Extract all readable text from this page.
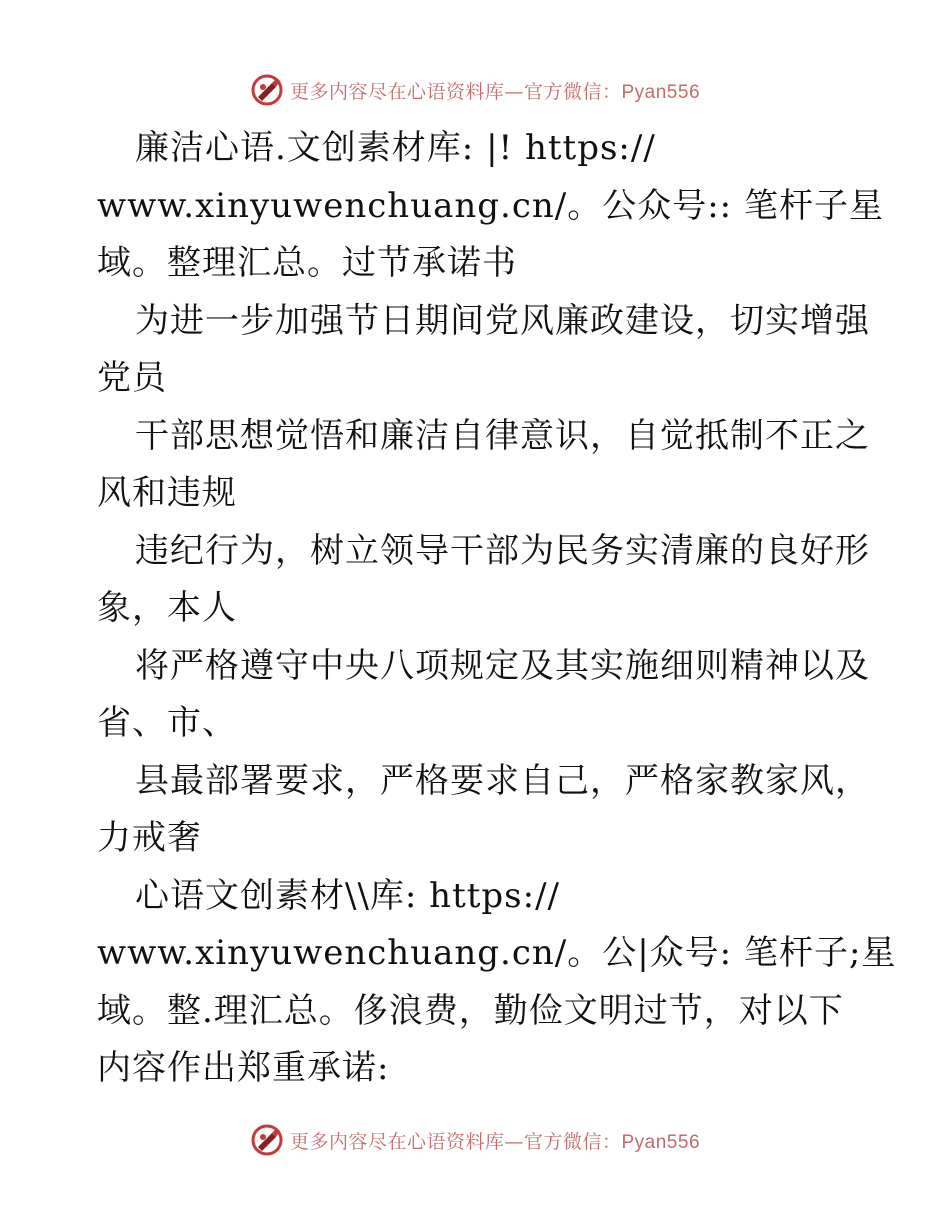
更多内容尽在心语资料库—官方微信：Pyan556
廉洁心语.文创素材库: |! https://
www.xinyuwenchuang.cn/。公众号:: 笔杆子星
域。整理汇总。过节承诺书
为进一步加强节日期间党风廉政建设，切实增强
党员
干部思想觉悟和廉洁自律意识，自觉抵制不正之
风和违规
违纪行为，树立领导干部为民务实清廉的良好形
象，本人
将严格遵守中央八项规定及其实施细则精神以及
省、市、
县最部署要求，严格要求自己，严格家教家风，
力戒奢
心语文创素材\\库: https://
www.xinyuwenchuang.cn/。公|众号: 笔杆子;星
域。整.理汇总。侈浪费，勤俭文明过节，对以下
内容作出郑重承诺:
更多内容尽在心语资料库—官方微信：Pyan556
